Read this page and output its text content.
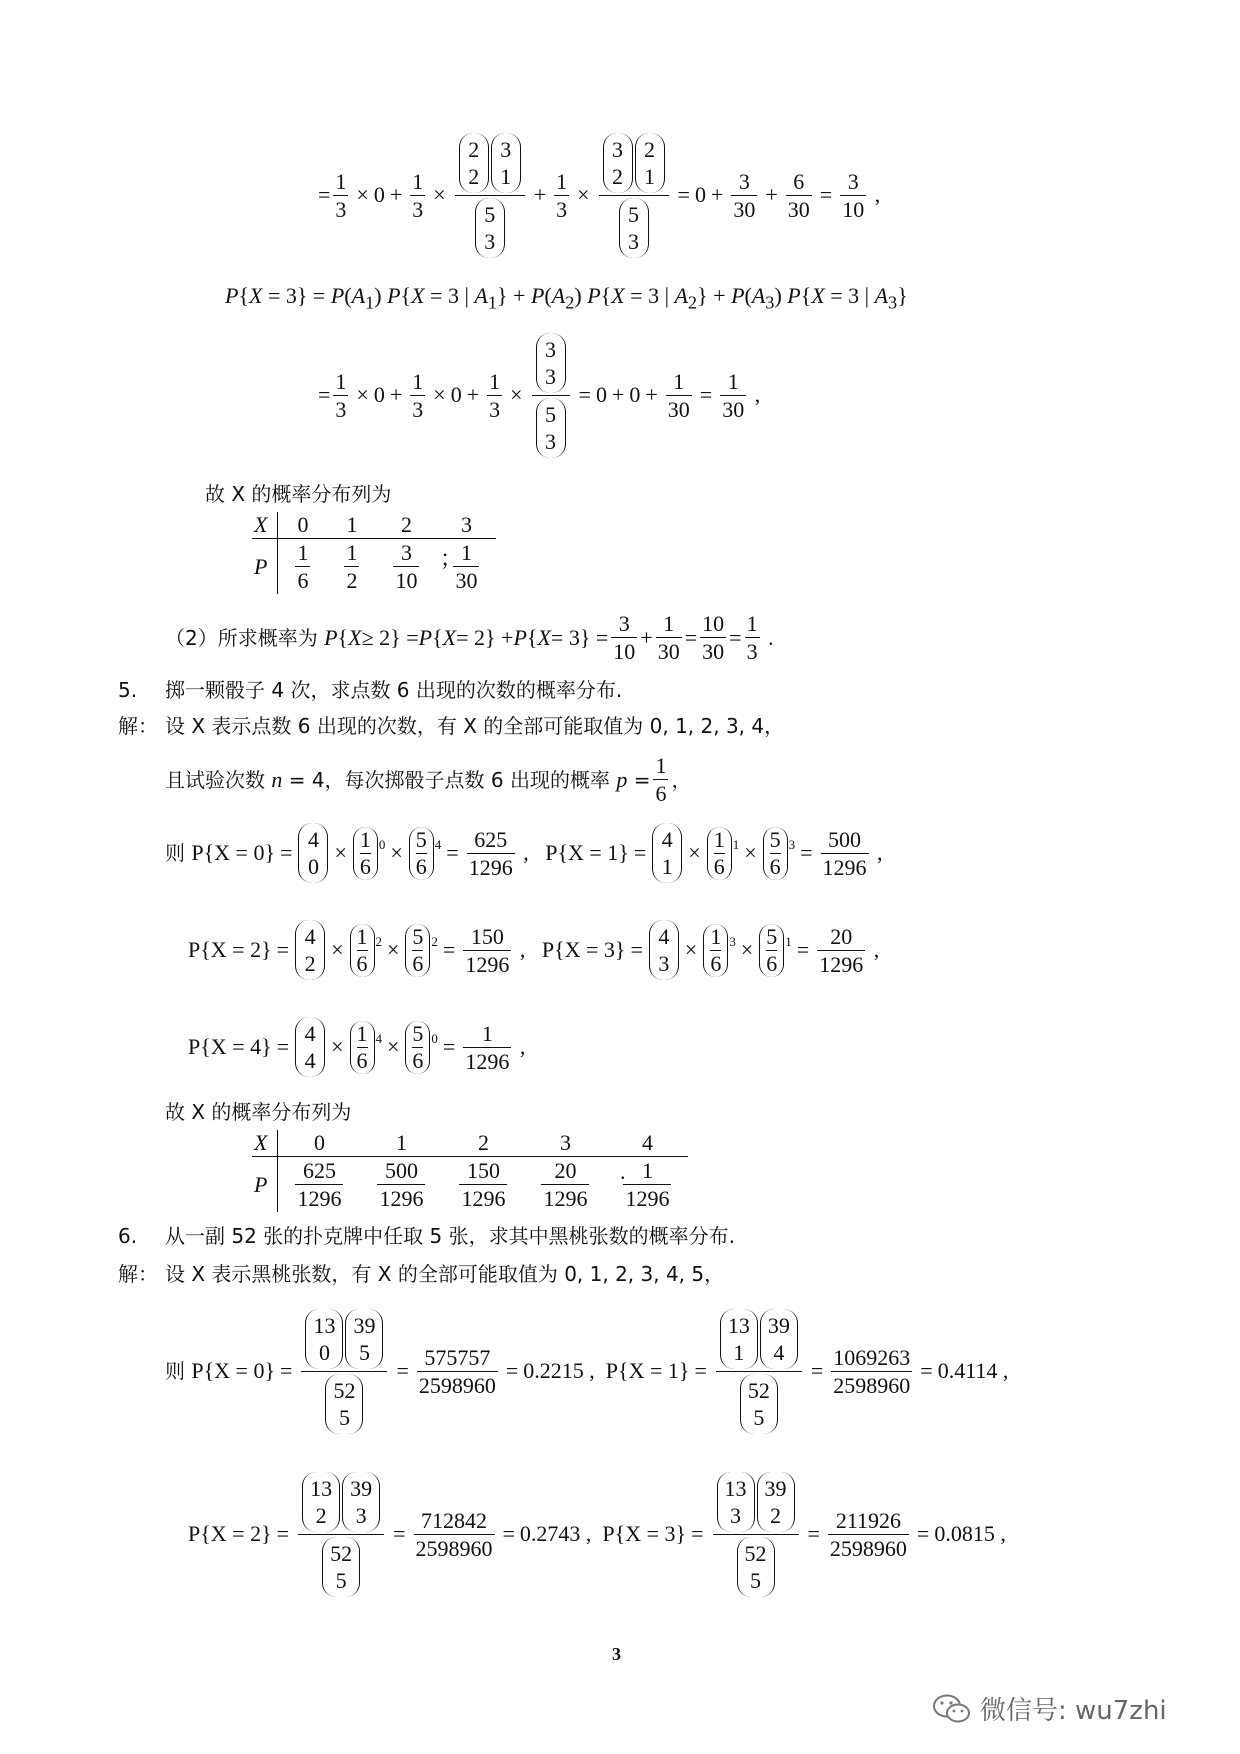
= $\frac{1}{3} \times 0 + \frac{1}{3} \times 2$
2
3
1
5
$3 + \frac{1}{3} \times 3$
2
2
1
5
$3 = 0 + \frac{3}{30} + \frac{6}{30} = \frac{3}{10}$ ,
$P\{X = 3\} = P(A_1) P\{X = 3$ | $A_1\} + P(A_2) P\{X = 3$ | $A_2\} + P(A_3) P\{X = 3$ | $A_3$}
= $\frac{1}{3} \times 0 + \frac{1}{3} \times 0 + \frac{1}{3} \times 3$
3
5
$3 = 0 + 0 + \frac{1}{30} = \frac{1}{30}$ ,
故 X 的概率分布列为
X	0	1	2	3
P	$\frac{1}{6}$	$\frac{1}{2}$	$\frac{3}{10}$	$\frac{1}{30}$
；
（2）所求概率为 P { X ≥ 2} = P { X = 2} + P { $X = 3\} = \frac{3}{10} + \frac{1}{30} = \frac{10}{30} = \frac{1}{3}$ .
5. 掷一颗骰子 4 次，求点数 6 出现的次数的概率分布.
解： 设 X 表示点数 6 出现的次数，有 X 的全部可能取值为 0, 1, 2, 3, 4，
且试验次数 n = 4，每次掷骰子点数 6 出现的概率 $p = \frac{1}{6}$ ，
则 P{X = 0} =
4
0
× $\frac{1}{6} 0 \times \frac{5}{6} 4 = \frac{625}{1296}$ , P{X = 1} =
4
1
× $\frac{1}{6} 1 \times \frac{5}{6} 3 = \frac{500}{1296}$ ,
P{X = 2} =
4
2
× $\frac{1}{6} 2 \times \frac{5}{6} 2 = \frac{150}{1296}$ , P{X = 3} =
4
3
× $\frac{1}{6} 3 \times \frac{5}{6} 1 = \frac{20}{1296}$ ,
P{X = 4} =
4
4
× $\frac{1}{6} 4 \times \frac{5}{6} 0 = \frac{1}{1296}$ ,
故 X 的概率分布列为
X	0	1	2	3	4
P	$\frac{625}{1296}$	$\frac{500}{1296}$	$\frac{150}{1296}$	$\frac{20}{1296}$	$\frac{1}{1296}$
.
6. 从一副 52 张的扑克牌中任取 5 张，求其中黑桃张数的概率分布.
解： 设 X 表示黑桃张数，有 X 的全部可能取值为 0, 1, 2, 3, 4, 5，
则 P{X = 0} = 13
0
39
5
52
$5 = \frac{575757}{2598960} = 0.2215$ , P{X = 1} = 13
1
39
4
52
$5 = \frac{1069263}{2598960} = 0.4114$ ,
P{X = 2} = 13
2
39
3
52
$5 = \frac{712842}{2598960} = 0.2743$ , P{X = 3} = 13
3
39
2
52
$5 = \frac{211926}{2598960} = 0.0815$ ,
3
微信号: wu7zhi
